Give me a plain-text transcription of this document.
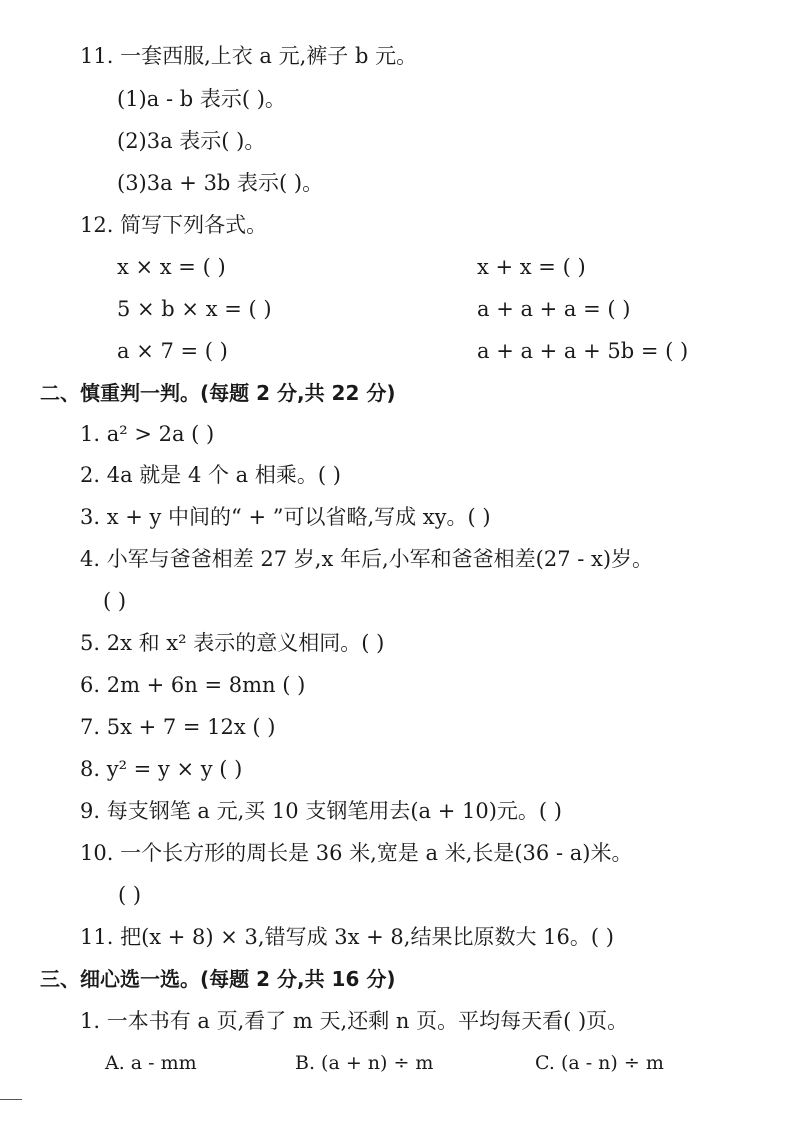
11. 一套西服,上衣 a 元,裤子 b 元。
(1)a - b 表示( )。
(2)3a 表示( )。
(3)3a + 3b 表示( )。
12. 简写下列各式。
x × x = ( )	x + x = ( )
5 × b × x = ( )	a + a + a = ( )
a × 7 = ( )	a + a + a + 5b = ( )
二、慎重判一判。(每题 2 分,共 22 分)
1. a² > 2a ( )
2. 4a 就是 4 个 a 相乘。( )
3. x + y 中间的“ + ”可以省略,写成 xy。( )
4. 小军与爸爸相差 27 岁,x 年后,小军和爸爸相差(27 - x)岁。
( )
5. 2x 和 x² 表示的意义相同。( )
6. 2m + 6n = 8mn ( )
7. 5x + 7 = 12x ( )
8. y² = y × y ( )
9. 每支钢笔 a 元,买 10 支钢笔用去(a + 10)元。( )
10. 一个长方形的周长是 36 米,宽是 a 米,长是(36 - a)米。
( )
11. 把(x + 8) × 3,错写成 3x + 8,结果比原数大 16。( )
三、细心选一选。(每题 2 分,共 16 分)
1. 一本书有 a 页,看了 m 天,还剩 n 页。平均每天看( )页。
A. a - mm	B. (a + n) ÷ m	C. (a - n) ÷ m
